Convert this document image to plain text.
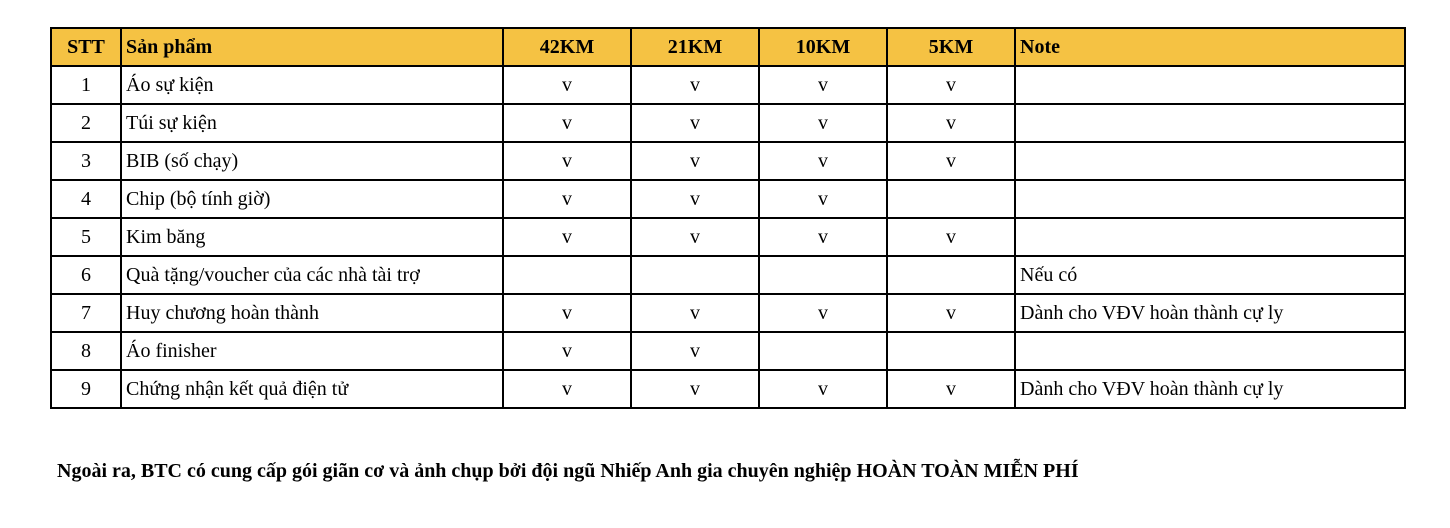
STT	Sản phẩm	42KM	21KM	10KM	5KM	Note
1	Áo sự kiện	v	v	v	v	
2	Túi sự kiện	v	v	v	v	
3	BIB (số chạy)	v	v	v	v	
4	Chip (bộ tính giờ)	v	v	v		
5	Kim băng	v	v	v	v	
6	Quà tặng/voucher của các nhà tài trợ					Nếu có
7	Huy chương hoàn thành	v	v	v	v	Dành cho VĐV hoàn thành cự ly
8	Áo finisher	v	v			
9	Chứng nhận kết quả điện tử	v	v	v	v	Dành cho VĐV hoàn thành cự ly
Ngoài ra, BTC có cung cấp gói giãn cơ và ảnh chụp bởi đội ngũ Nhiếp Anh gia chuyên nghiệp HOÀN TOÀN MIỄN PHÍ
